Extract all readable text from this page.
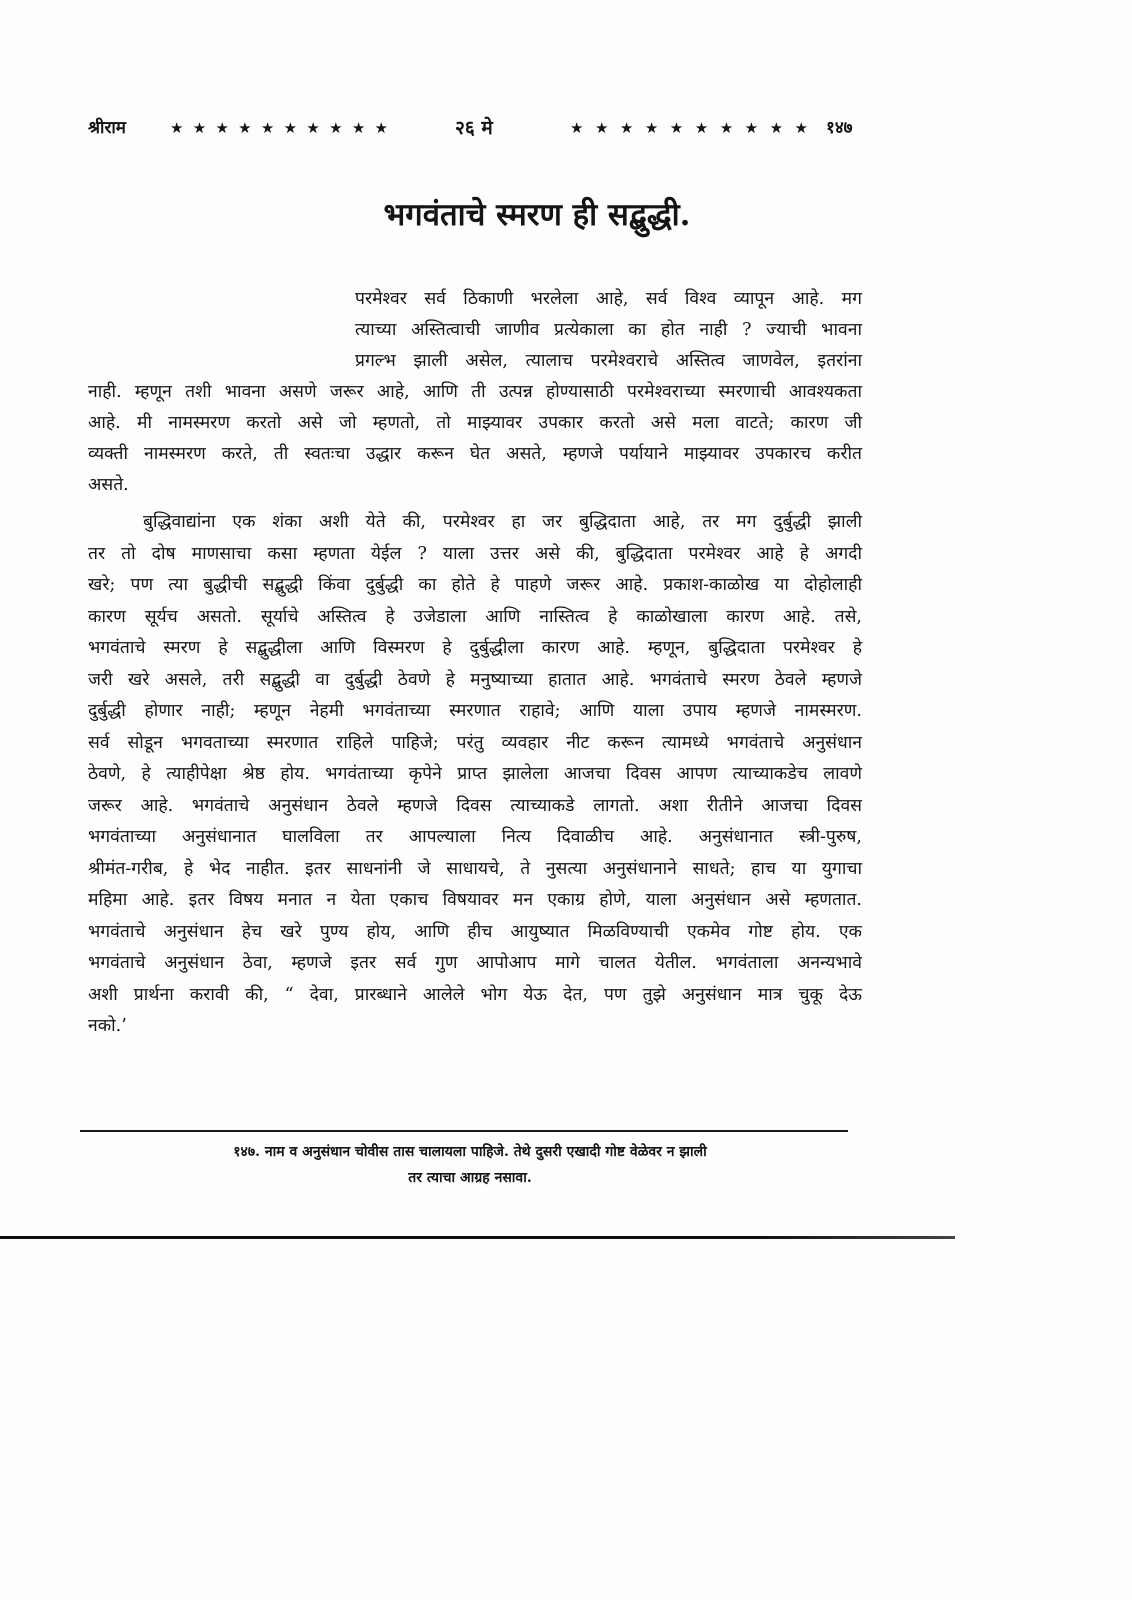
श्रीराम	★ ★ ★ ★ ★ ★ ★ ★ ★ ★	२६ मे	★ ★ ★ ★ ★ ★ ★ ★ ★ ★ १४७
भगवंताचे स्मरण ही सद्बुद्धी.
परमेश्वर सर्व ठिकाणी भरलेला आहे, सर्व विश्व व्यापून आहे. मग
त्याच्या अस्तित्वाची जाणीव प्रत्येकाला का होत नाही ? ज्याची भावना
प्रगल्भ झाली असेल, त्यालाच परमेश्वराचे अस्तित्व जाणवेल, इतरांना
नाही. म्हणून तशी भावना असणे जरूर आहे, आणि ती उत्पन्न होण्यासाठी परमेश्वराच्या स्मरणाची आवश्यकता
आहे. मी नामस्मरण करतो असे जो म्हणतो, तो माझ्यावर उपकार करतो असे मला वाटते; कारण जी
व्यक्ती नामस्मरण करते, ती स्वतःचा उद्धार करून घेत असते, म्हणजे पर्यायाने माझ्यावर उपकारच करीत
असते.
बुद्धिवाद्यांना एक शंका अशी येते की, परमेश्वर हा जर बुद्धिदाता आहे, तर मग दुर्बुद्धी झाली
तर तो दोष माणसाचा कसा म्हणता येईल ? याला उत्तर असे की, बुद्धिदाता परमेश्वर आहे हे अगदी
खरे; पण त्या बुद्धीची सद्बुद्धी किंवा दुर्बुद्धी का होते हे पाहणे जरूर आहे. प्रकाश-काळोख या दोहोलाही
कारण सूर्यच असतो. सूर्याचे अस्तित्व हे उजेडाला आणि नास्तित्व हे काळोखाला कारण आहे. तसे,
भगवंताचे स्मरण हे सद्बुद्धीला आणि विस्मरण हे दुर्बुद्धीला कारण आहे. म्हणून, बुद्धिदाता परमेश्वर हे
जरी खरे असले, तरी सद्बुद्धी वा दुर्बुद्धी ठेवणे हे मनुष्याच्या हातात आहे. भगवंताचे स्मरण ठेवले म्हणजे
दुर्बुद्धी होणार नाही; म्हणून नेहमी भगवंताच्या स्मरणात राहावे; आणि याला उपाय म्हणजे नामस्मरण.
सर्व सोडून भगवताच्या स्मरणात राहिले पाहिजे; परंतु व्यवहार नीट करून त्यामध्ये भगवंताचे अनुसंधान
ठेवणे, हे त्याहीपेक्षा श्रेष्ठ होय. भगवंताच्या कृपेने प्राप्त झालेला आजचा दिवस आपण त्याच्याकडेच लावणे
जरूर आहे. भगवंताचे अनुसंधान ठेवले म्हणजे दिवस त्याच्याकडे लागतो. अशा रीतीने आजचा दिवस
भगवंताच्या अनुसंधानात घालविला तर आपल्याला नित्य दिवाळीच आहे. अनुसंधानात स्त्री-पुरुष,
श्रीमंत-गरीब, हे भेद नाहीत. इतर साधनांनी जे साधायचे, ते नुसत्या अनुसंधानाने साधते; हाच या युगाचा
महिमा आहे. इतर विषय मनात न येता एकाच विषयावर मन एकाग्र होणे, याला अनुसंधान असे म्हणतात.
भगवंताचे अनुसंधान हेच खरे पुण्य होय, आणि हीच आयुष्यात मिळविण्याची एकमेव गोष्ट होय. एक
भगवंताचे अनुसंधान ठेवा, म्हणजे इतर सर्व गुण आपोआप मागे चालत येतील. भगवंताला अनन्यभावे
अशी प्रार्थना करावी की, “ देवा, प्रारब्धाने आलेले भोग येऊ देत, पण तुझे अनुसंधान मात्र चुकू देऊ
नको.’
१४७. नाम व अनुसंधान चोवीस तास चालायला पाहिजे. तेथे दुसरी एखादी गोष्ट वेळेवर न झाली
तर त्याचा आग्रह नसावा.
